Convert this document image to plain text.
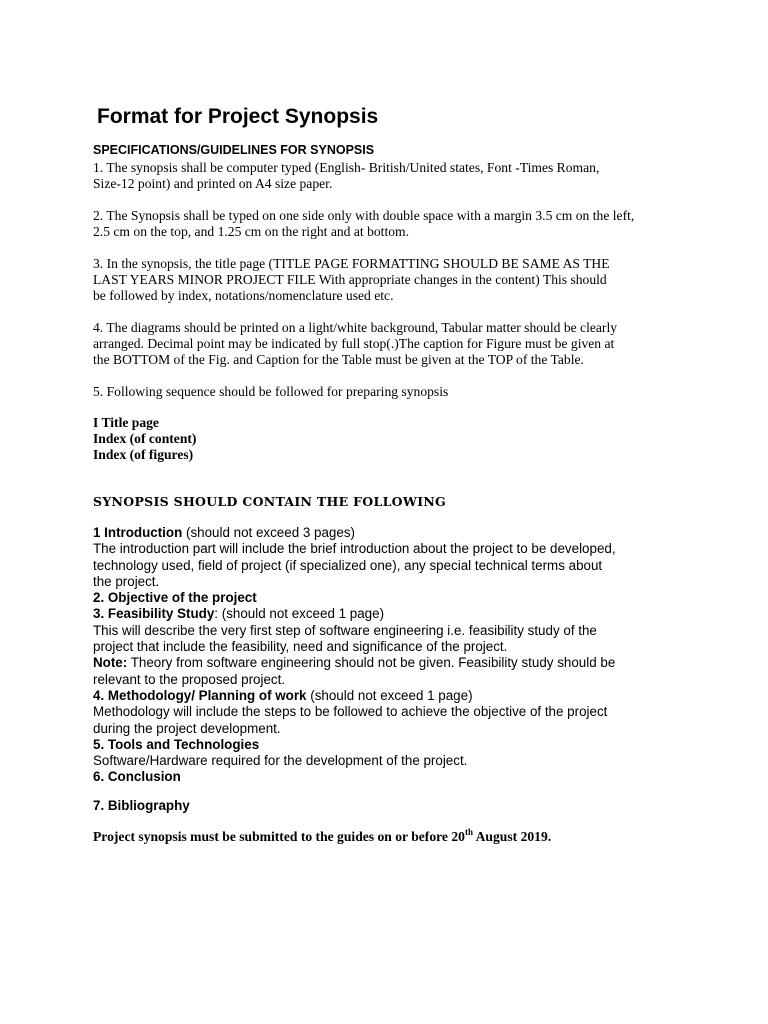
Format for Project Synopsis
SPECIFICATIONS/GUIDELINES FOR SYNOPSIS
1. The synopsis shall be computer typed (English- British/United states, Font -Times Roman,
Size-12 point) and printed on A4 size paper.
2. The Synopsis shall be typed on one side only with double space with a margin 3.5 cm on the left,
2.5 cm on the top, and 1.25 cm on the right and at bottom.
3. In the synopsis, the title page (TITLE PAGE FORMATTING SHOULD BE SAME AS THE
LAST YEARS MINOR PROJECT FILE With appropriate changes in the content) This should
be followed by index, notations/nomenclature used etc.
4. The diagrams should be printed on a light/white background, Tabular matter should be clearly
arranged. Decimal point may be indicated by full stop(.)The caption for Figure must be given at
the BOTTOM of the Fig. and Caption for the Table must be given at the TOP of the Table.
5. Following sequence should be followed for preparing synopsis
I Title page
Index (of content)
Index (of figures)
SYNOPSIS SHOULD CONTAIN THE FOLLOWING
1 Introduction (should not exceed 3 pages)
The introduction part will include the brief introduction about the project to be developed,
technology used, field of project (if specialized one), any special technical terms about
the project.
2. Objective of the project
3. Feasibility Study: (should not exceed 1 page)
This will describe the very first step of software engineering i.e. feasibility study of the
project that include the feasibility, need and significance of the project.
Note: Theory from software engineering should not be given. Feasibility study should be
relevant to the proposed project.
4. Methodology/ Planning of work (should not exceed 1 page)
Methodology will include the steps to be followed to achieve the objective of the project
during the project development.
5. Tools and Technologies
Software/Hardware required for the development of the project.
6. Conclusion
7. Bibliography
Project synopsis must be submitted to the guides on or before 20th August 2019.
